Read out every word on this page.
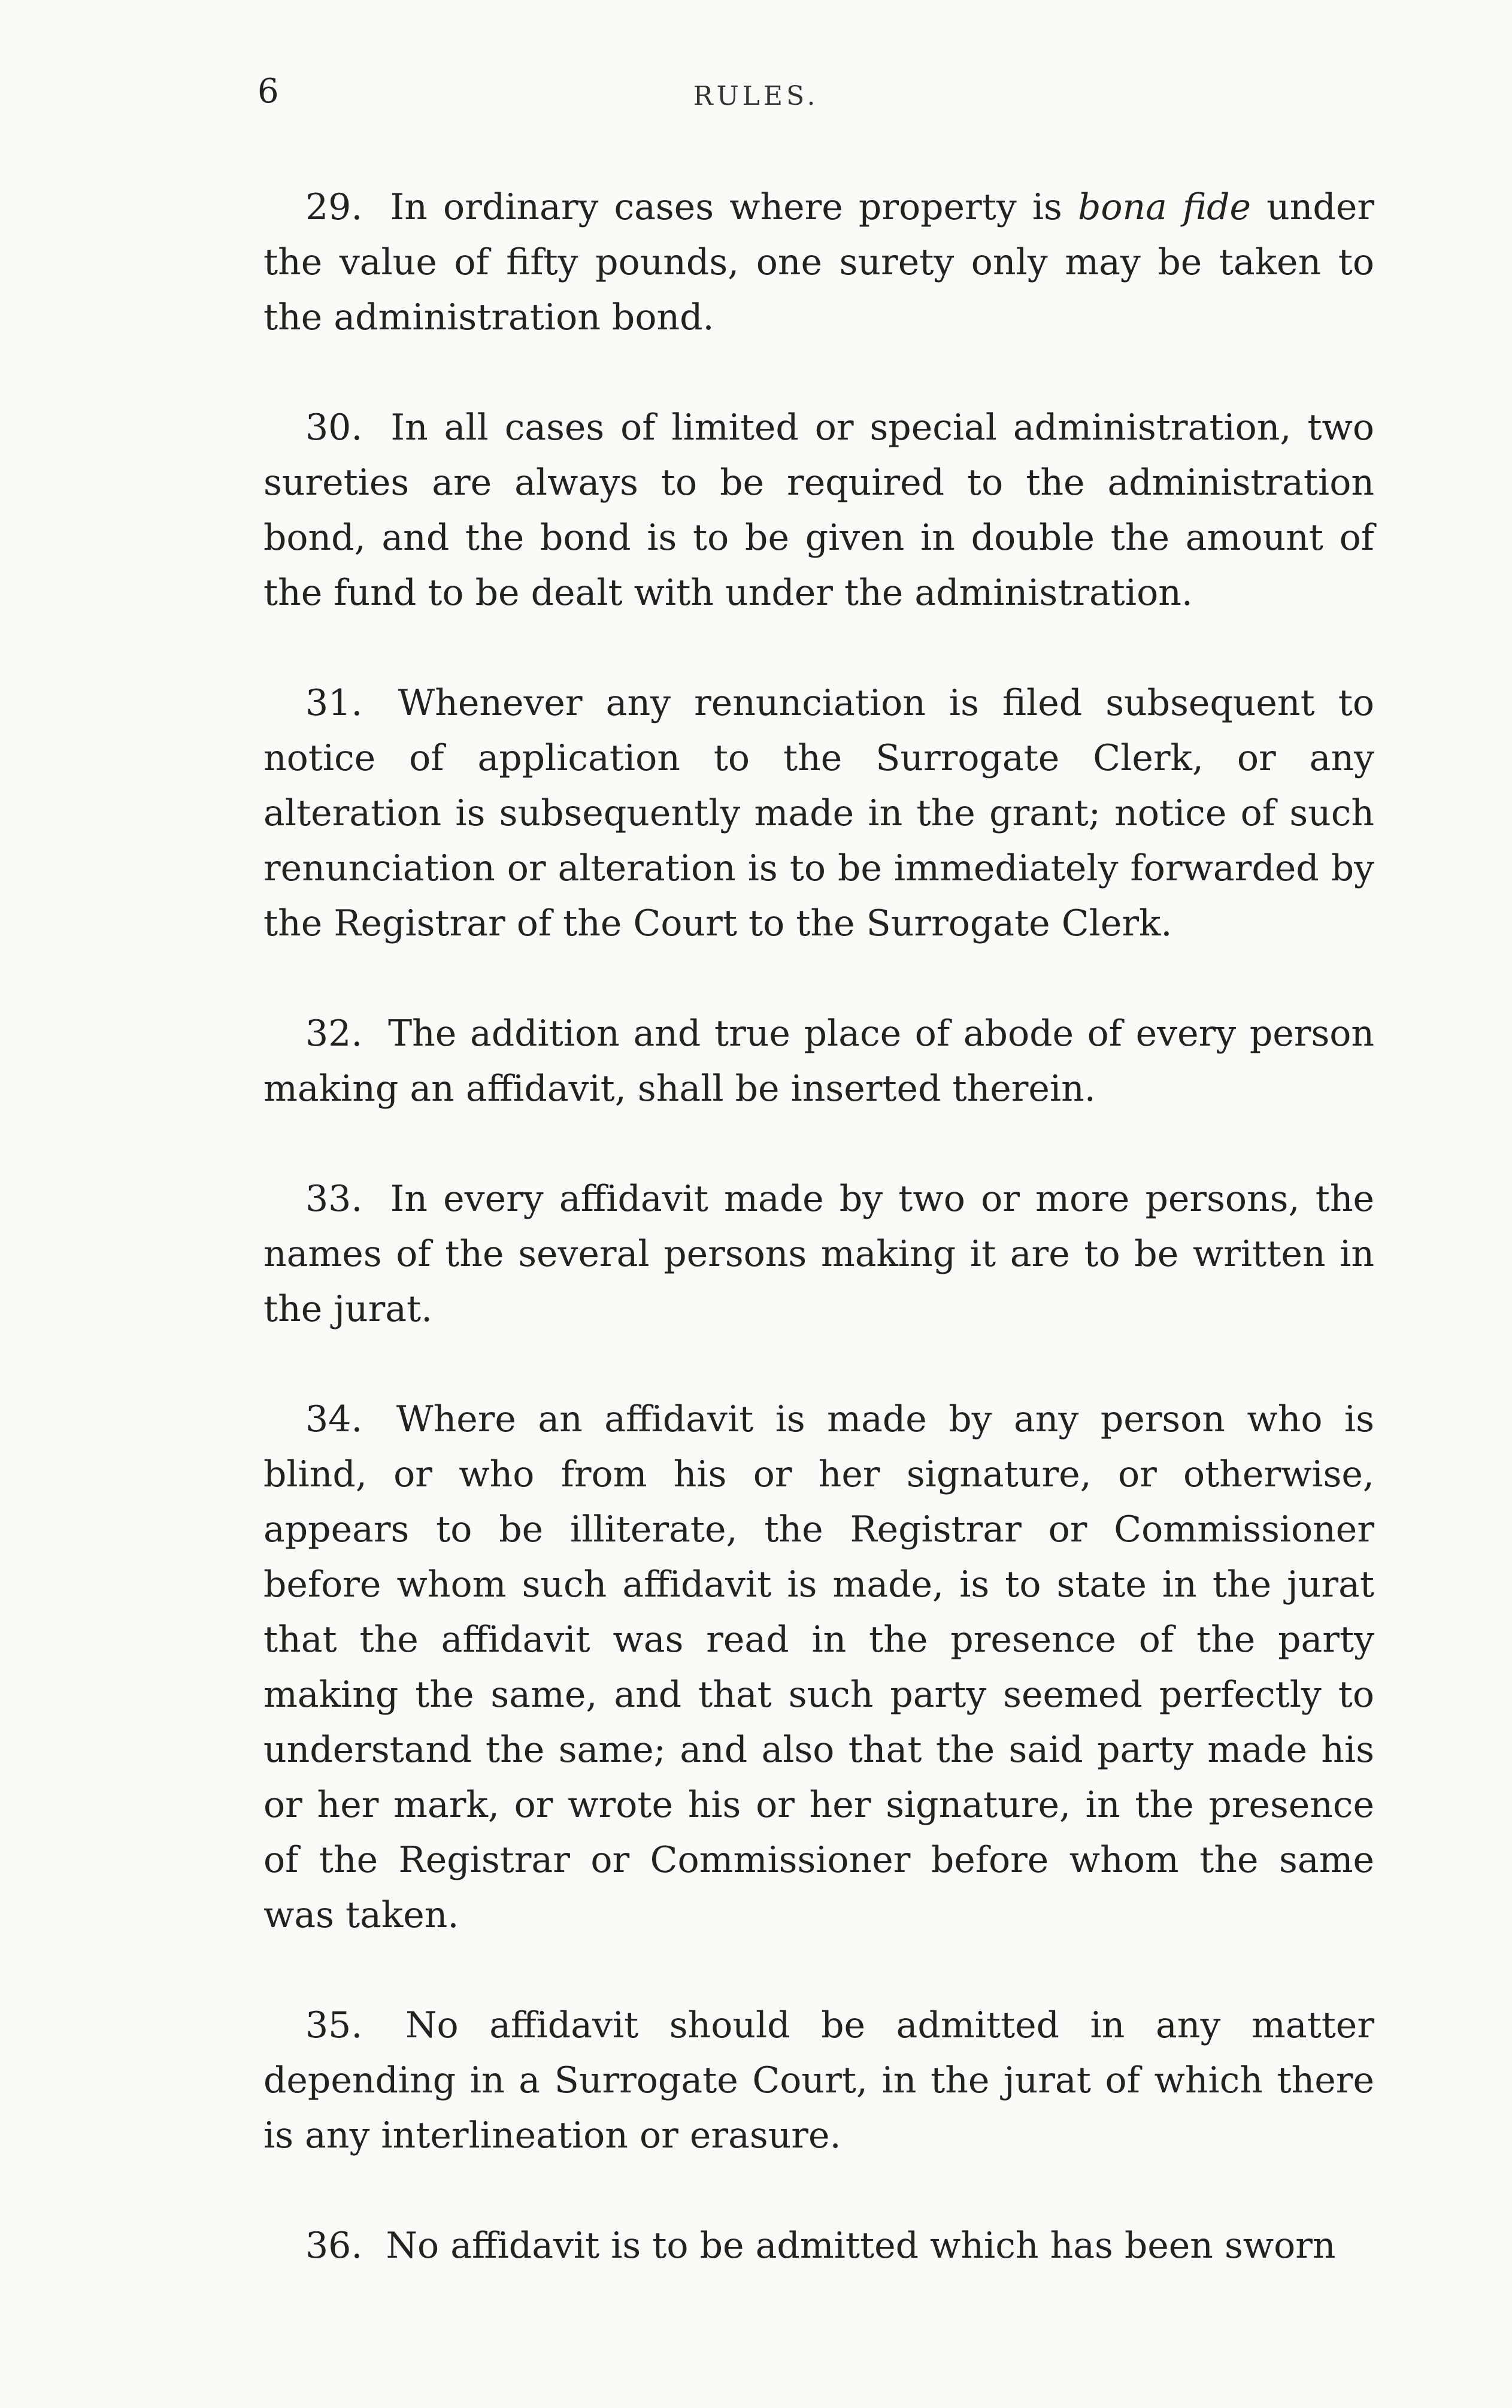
6	RULES.

29. In ordinary cases where property is bona fide under the value of fifty pounds, one surety only may be taken to the administration bond.

30. In all cases of limited or special administration, two sureties are always to be required to the administration bond, and the bond is to be given in double the amount of the fund to be dealt with under the administration.

31. Whenever any renunciation is filed subsequent to notice of application to the Surrogate Clerk, or any alteration is subsequently made in the grant; notice of such renunciation or alteration is to be immediately forwarded by the Registrar of the Court to the Surrogate Clerk.

32. The addition and true place of abode of every person making an affidavit, shall be inserted therein.

33. In every affidavit made by two or more persons, the names of the several persons making it are to be written in the jurat.

34. Where an affidavit is made by any person who is blind, or who from his or her signature, or otherwise, appears to be illiterate, the Registrar or Commissioner before whom such affidavit is made, is to state in the jurat that the affidavit was read in the presence of the party making the same, and that such party seemed perfectly to understand the same; and also that the said party made his or her mark, or wrote his or her signature, in the presence of the Registrar or Commissioner before whom the same was taken.

35. No affidavit should be admitted in any matter depending in a Surrogate Court, in the jurat of which there is any interlineation or erasure.

36. No affidavit is to be admitted which has been sworn
